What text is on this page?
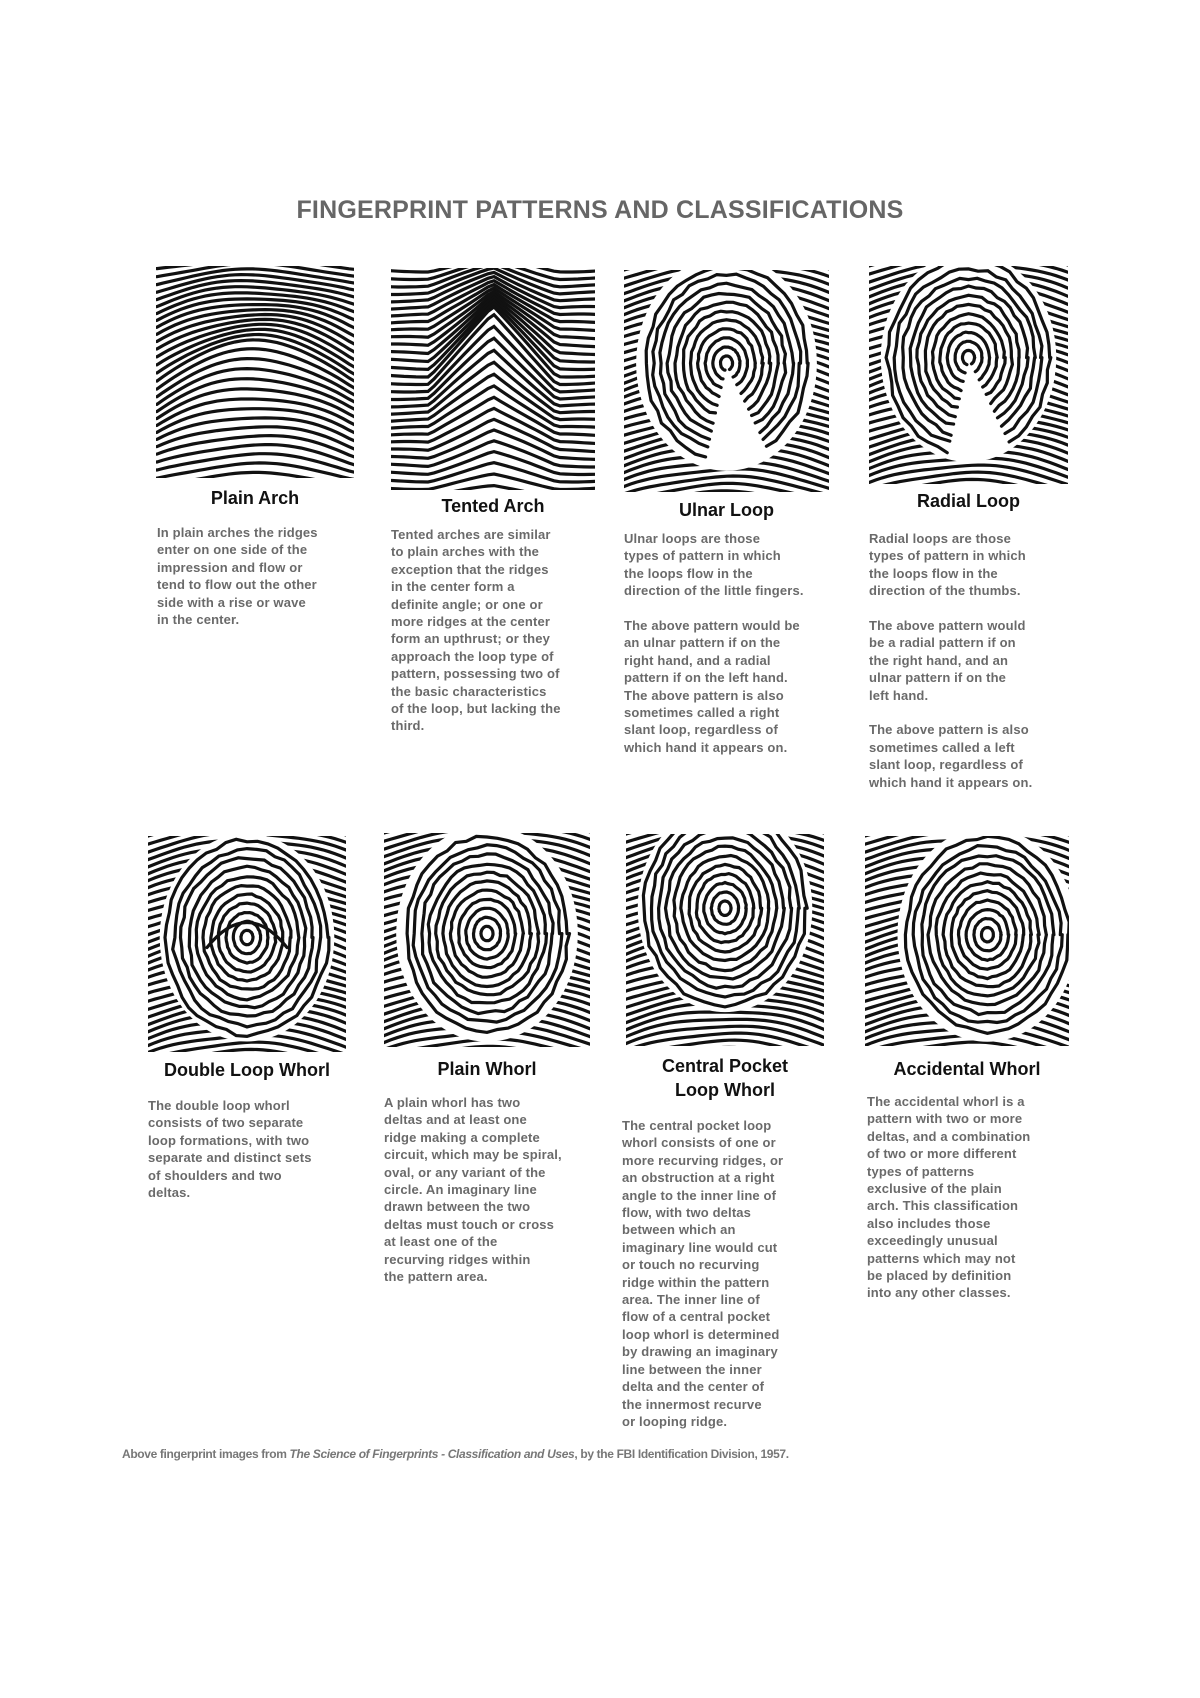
FINGERPRINT PATTERNS AND CLASSIFICATIONS
Plain Arch

In plain arches the ridges
enter on one side of the
impression and flow or
tend to flow out the other
side with a rise or wave
in the center.

Tented Arch

Tented arches are similar
to plain arches with the
exception that the ridges
in the center form a
definite angle; or one or
more ridges at the center
form an upthrust; or they
approach the loop type of
pattern, possessing two of
the basic characteristics
of the loop, but lacking the
third.

Ulnar Loop

Ulnar loops are those
types of pattern in which
the loops flow in the
direction of the little fingers.

The above pattern would be
an ulnar pattern if on the
right hand, and a radial
pattern if on the left hand.
The above pattern is also
sometimes called a right
slant loop, regardless of
which hand it appears on.

Radial Loop

Radial loops are those
types of pattern in which
the loops flow in the
direction of the thumbs.

The above pattern would
be a radial pattern if on
the right hand, and an
ulnar pattern if on the
left hand.

The above pattern is also
sometimes called a left
slant loop, regardless of
which hand it appears on.

Double Loop Whorl

The double loop whorl
consists of two separate
loop formations, with two
separate and distinct sets
of shoulders and two
deltas.

Plain Whorl

A plain whorl has two
deltas and at least one
ridge making a complete
circuit, which may be spiral,
oval, or any variant of the
circle. An imaginary line
drawn between the two
deltas must touch or cross
at least one of the
recurving ridges within
the pattern area.

Central Pocket
Loop Whorl

The central pocket loop
whorl consists of one or
more recurving ridges, or
an obstruction at a right
angle to the inner line of
flow, with two deltas
between which an
imaginary line would cut
or touch no recurving
ridge within the pattern
area. The inner line of
flow of a central pocket
loop whorl is determined
by drawing an imaginary
line between the inner
delta and the center of
the innermost recurve
or looping ridge.

Accidental Whorl

The accidental whorl is a
pattern with two or more
deltas, and a combination
of two or more different
types of patterns
exclusive of the plain
arch. This classification
also includes those
exceedingly unusual
patterns which may not
be placed by definition
into any other classes.

Above fingerprint images from The Science of Fingerprints - Classification and Uses, by the FBI Identification Division, 1957.
